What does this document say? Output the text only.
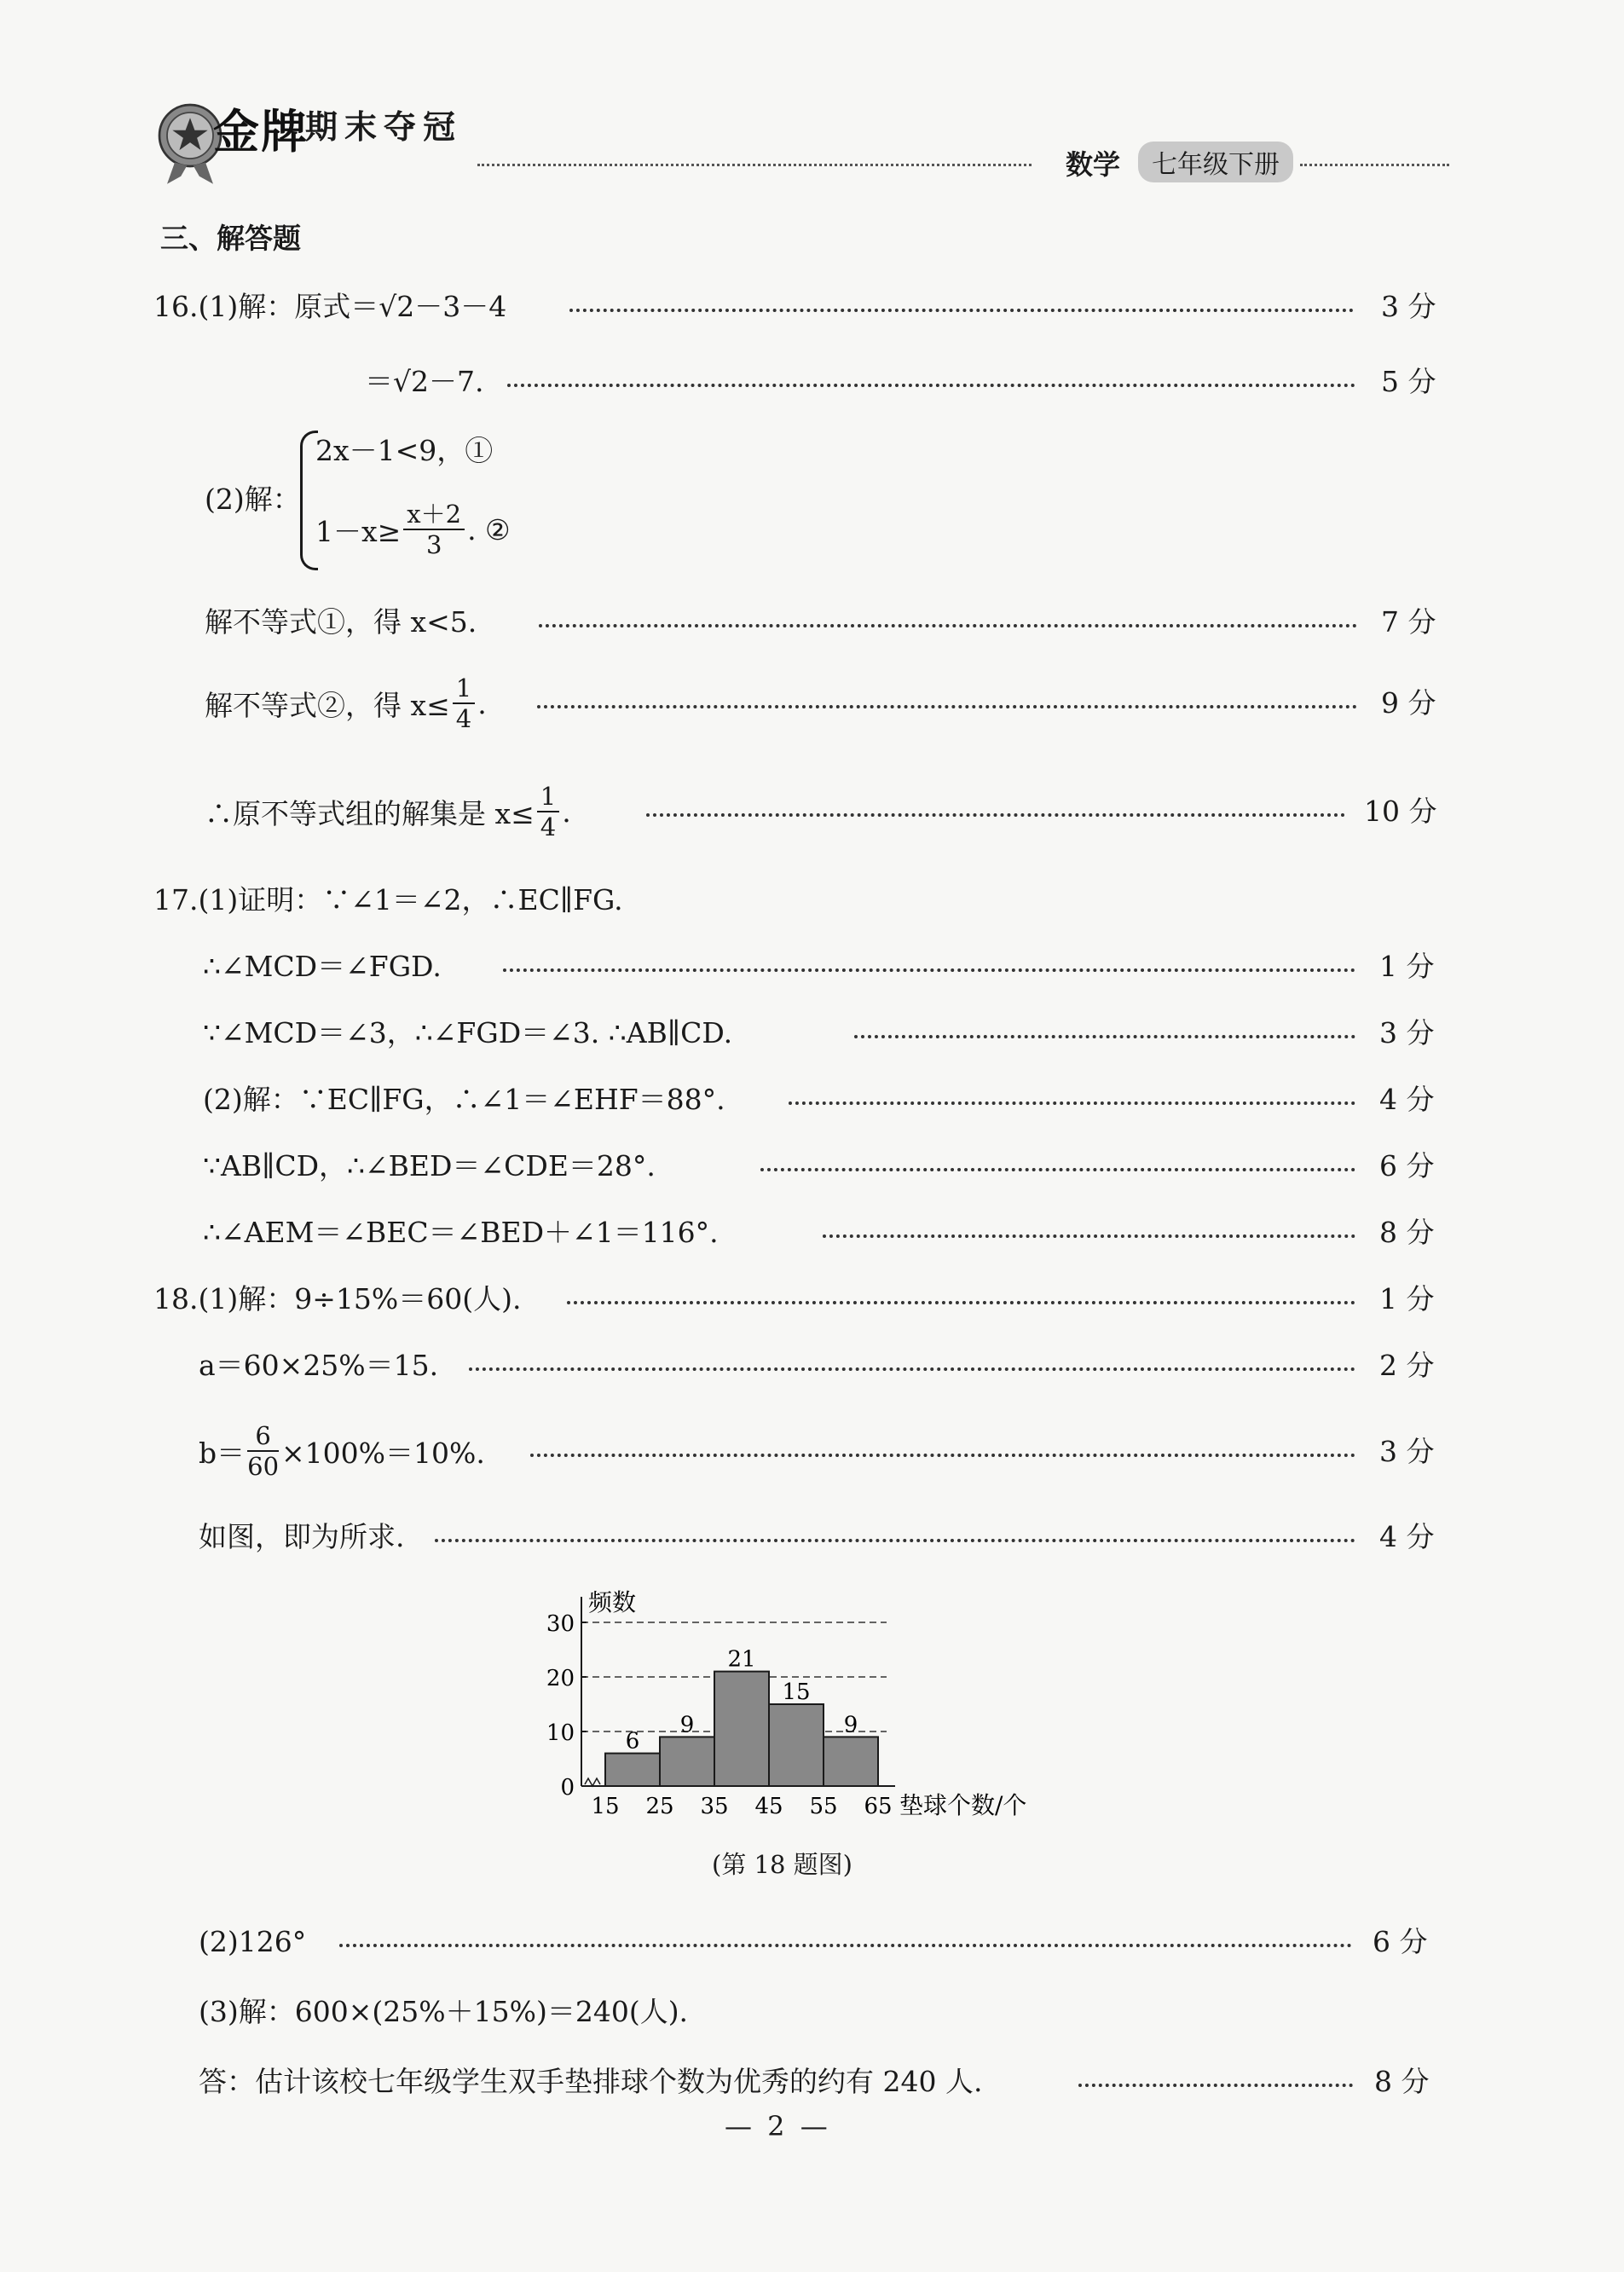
金牌
期末夺冠
数学	七年级下册
三、解答题
16.(1)解：原式＝√2－3－4	3 分
＝√2－7.	5 分
(2)解：
2x－1<9，①
$1-x\ge \frac{x+2}{3}$ . ②
解不等式①，得 x<5.	7 分
解不等式②，得 $x\le \frac{1}{4}$ .	9 分
∴原不等式组的解集是 $x\le \frac{1}{4}$ .	10 分
17.(1)证明：∵∠1＝∠2，∴EC∥FG.
∴∠MCD＝∠FGD.	1 分
∵∠MCD＝∠3，∴∠FGD＝∠3. ∴AB∥CD.	3 分
(2)解：∵EC∥FG，∴∠1＝∠EHF＝88°.	4 分
∵AB∥CD，∴∠BED＝∠CDE＝28°.	6 分
∴∠AEM＝∠BEC＝∠BED＋∠1＝116°.	8 分
18.(1)解：9÷15%＝60(人).	1 分
a＝60×25%＝15.	2 分
$b= \frac{6}{60} \times 100\%=10\%$.	3 分
如图，即为所求.	4 分
0
10
20
30
6
9
21
15
9
15 25 35 45 55 65
频数
垫球个数/个
(第 18 题图)
(2)126°	6 分
(3)解：600×(25%＋15%)＝240(人).
答：估计该校七年级学生双手垫排球个数为优秀的约有 240 人.	8 分
— 2 —
